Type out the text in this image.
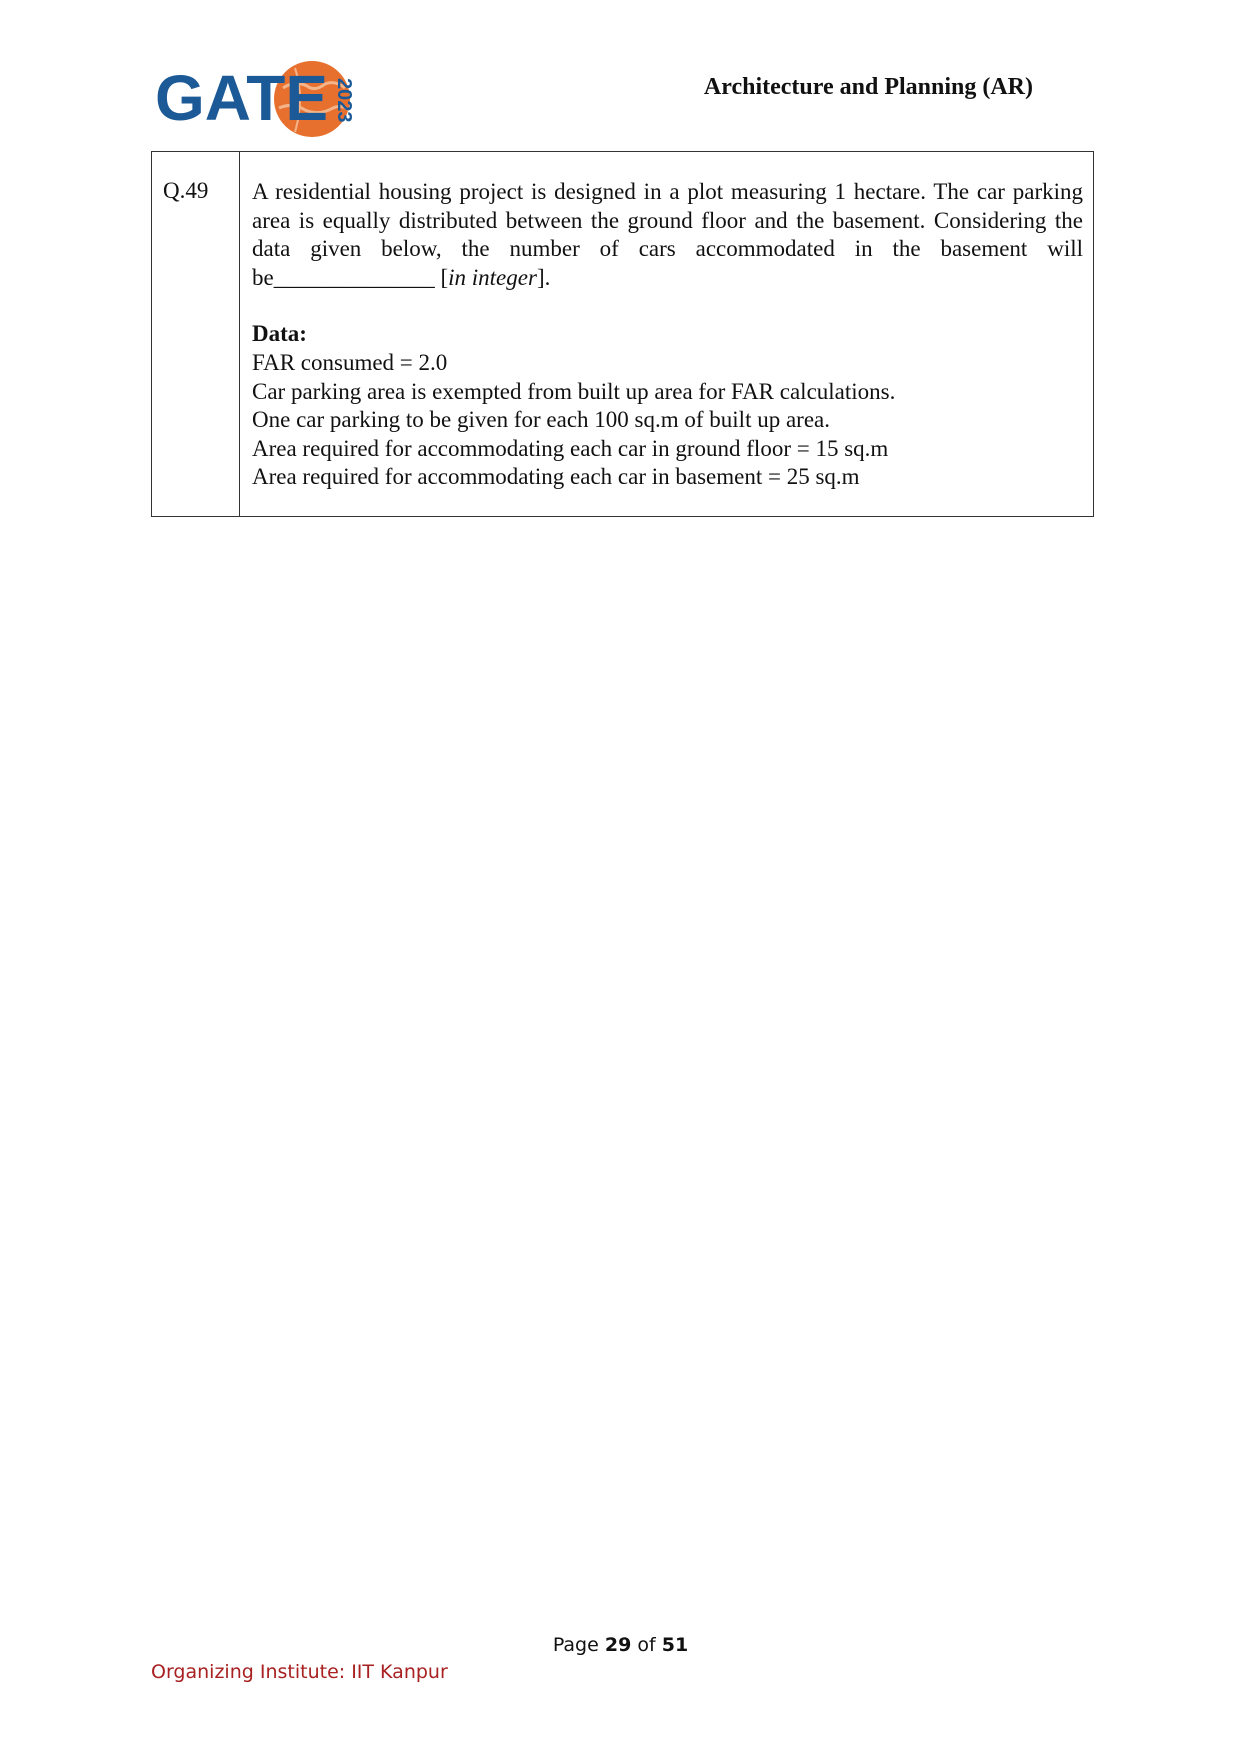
GATE 2023	Architecture and Planning (AR)
Q.49 A residential housing project is designed in a plot measuring 1 hectare. The car parking area is equally distributed between the ground floor and the basement. Considering the data given below, the number of cars accommodated in the basement will be______________ [in integer].

Data:
FAR consumed = 2.0
Car parking area is exempted from built up area for FAR calculations.
One car parking to be given for each 100 sq.m of built up area.
Area required for accommodating each car in ground floor = 15 sq.m
Area required for accommodating each car in basement = 25 sq.m
Page 29 of 51
Organizing Institute: IIT Kanpur
